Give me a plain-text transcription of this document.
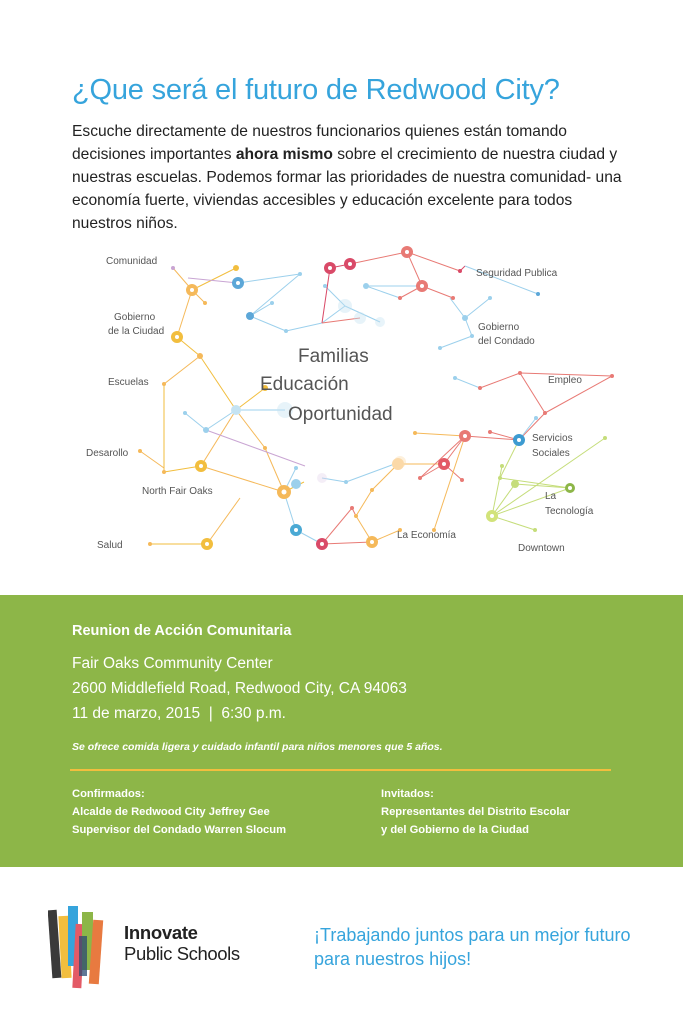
¿Que será el futuro de Redwood City?
Escuche directamente de nuestros funcionarios quienes están tomando decisiones importantes ahora mismo sobre el crecimiento de nuestra ciudad y nuestras escuelas. Podemos formar las prioridades de nuestra comunidad- una economía fuerte, viviendas accesibles y educación excelente para todos nuestros niños.
Familias
Educación
Oportunidad
Comunidad
Seguridad Publica
Gobierno
de la Ciudad	Gobierno
del Condado
Escuelas	Empleo
Desarollo
Servicios
Sociales
North Fair Oaks	La
Tecnología
La Economía
Salud	Downtown
Reunion de Acción Comunitaria
Fair Oaks Community Center
2600 Middlefield Road, Redwood City, CA 94063
11 de marzo, 2015  |  6:30 p.m.
Se ofrece comida ligera y cuidado infantil para niños menores que 5 años.
Confirmados:
Alcalde de Redwood City Jeffrey Gee
Supervisor del Condado Warren Slocum
Invitados:
Representantes del Distrito Escolar
y del Gobierno de la Ciudad
Innovate
Public Schools
¡Trabajando juntos para un mejor futuro para nuestros hijos!
